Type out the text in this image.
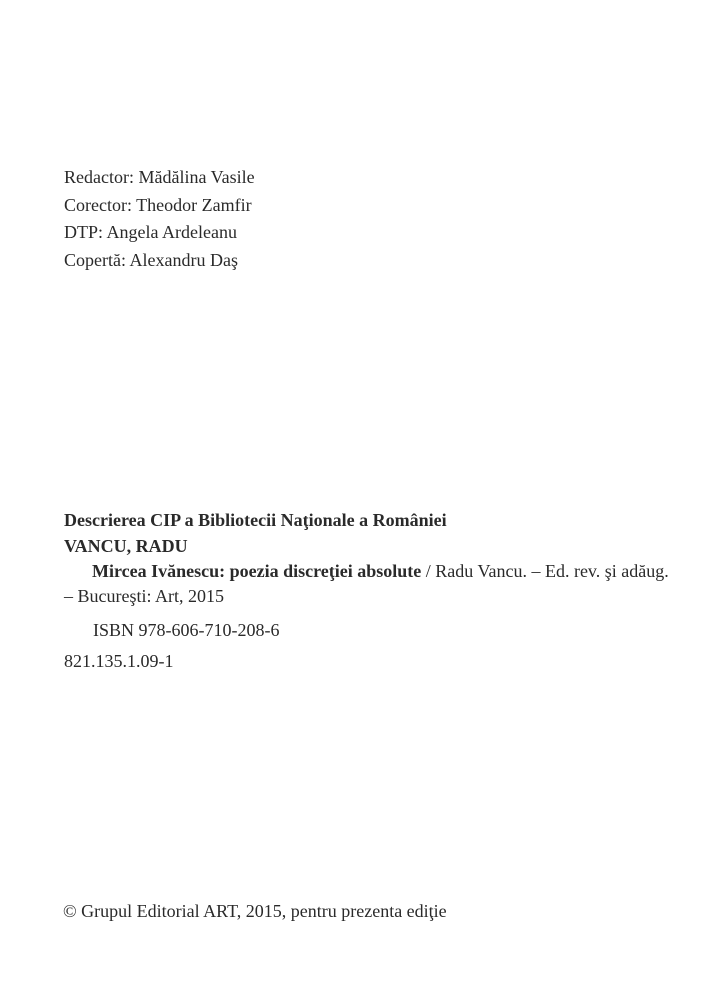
Redactor: Mădălina Vasile
Corector: Theodor Zamfir
DTP: Angela Ardeleanu
Copertă: Alexandru Daş
Descrierea CIP a Bibliotecii Naţionale a României
VANCU, RADU
Mircea Ivănescu: poezia discreţiei absolute / Radu Vancu. – Ed. rev. şi adăug. – Bucureşti: Art, 2015
ISBN 978-606-710-208-6
821.135.1.09-1
© Grupul Editorial ART, 2015, pentru prezenta ediţie
